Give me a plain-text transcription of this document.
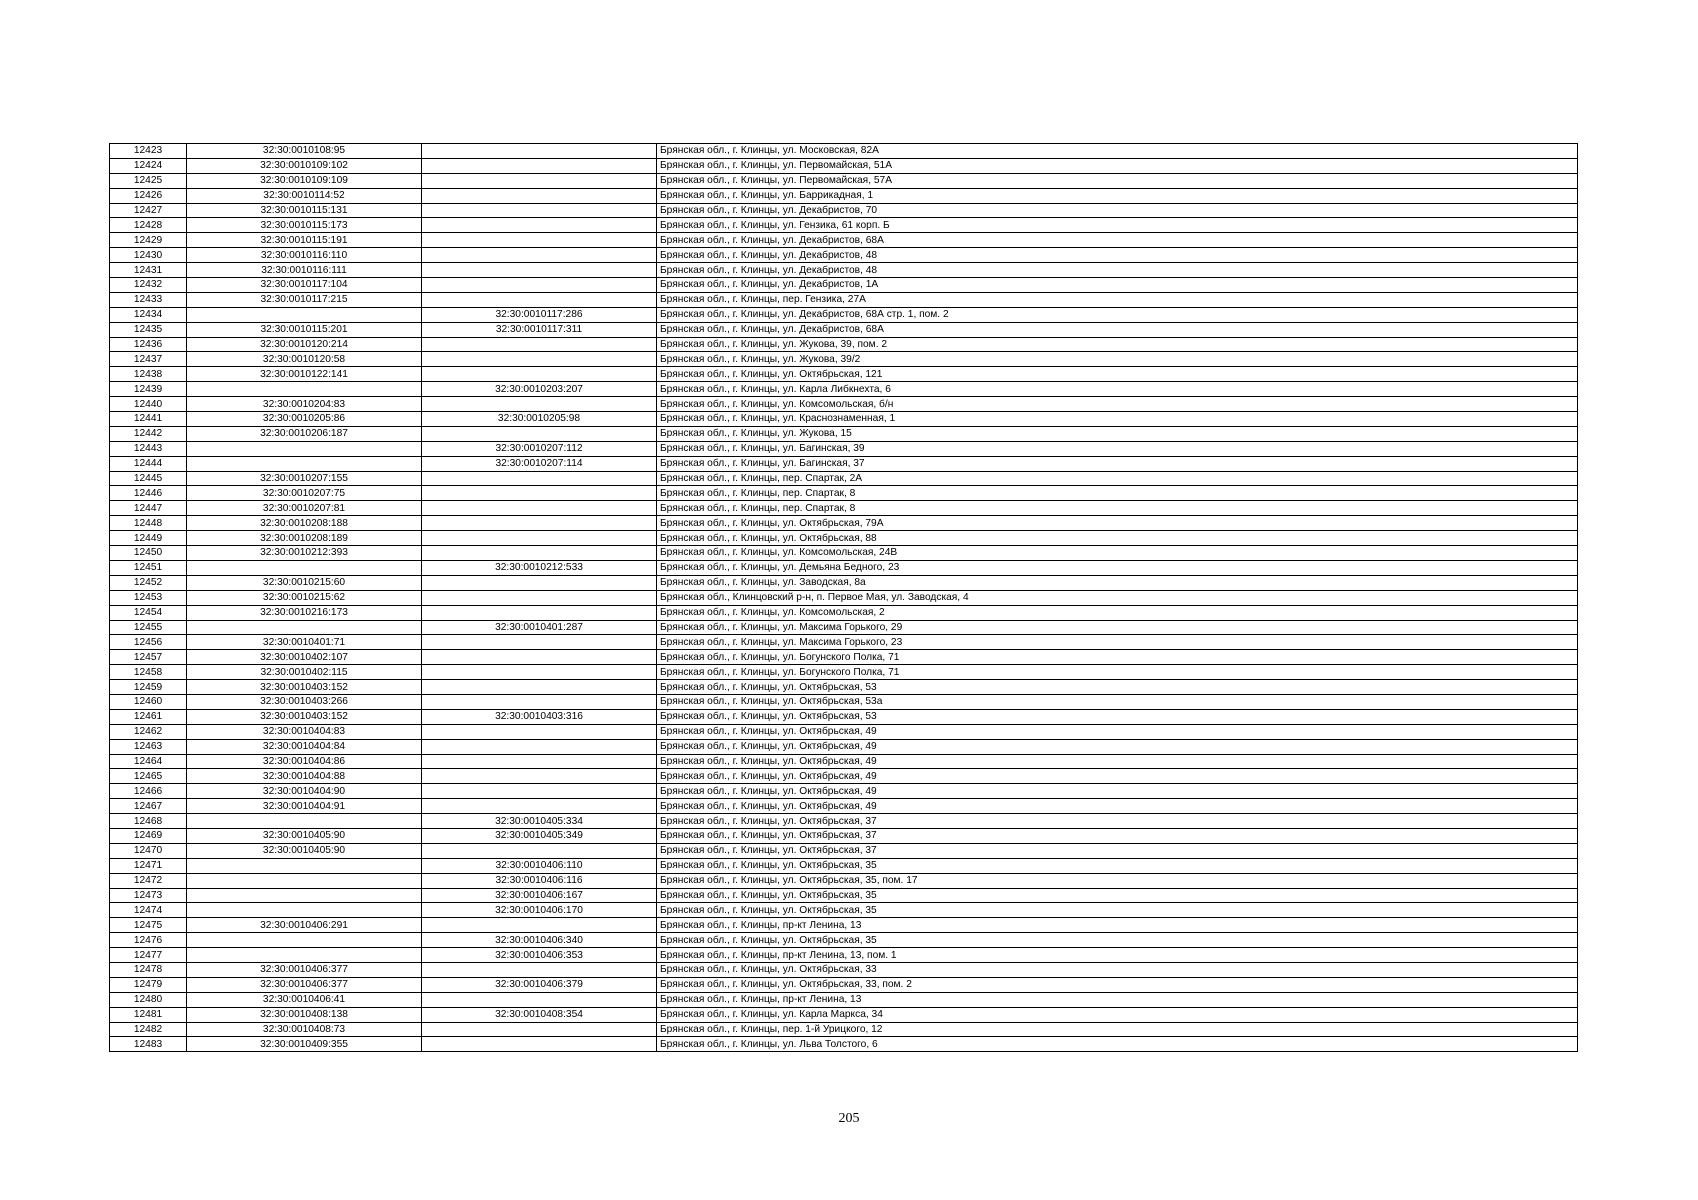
12423	32:30:0010108:95		Брянская обл., г. Клинцы, ул. Московская, 82А
12424	32:30:0010109:102		Брянская обл., г. Клинцы, ул. Первомайская, 51А
12425	32:30:0010109:109		Брянская обл., г. Клинцы, ул. Первомайская, 57А
12426	32:30:0010114:52		Брянская обл., г. Клинцы, ул. Баррикадная, 1
12427	32:30:0010115:131		Брянская обл., г. Клинцы, ул. Декабристов, 70
12428	32:30:0010115:173		Брянская обл., г. Клинцы, ул. Гензика, 61 корп. Б
12429	32:30:0010115:191		Брянская обл., г. Клинцы, ул. Декабристов, 68А
12430	32:30:0010116:110		Брянская обл., г. Клинцы, ул. Декабристов, 48
12431	32:30:0010116:111		Брянская обл., г. Клинцы, ул. Декабристов, 48
12432	32:30:0010117:104		Брянская обл., г. Клинцы, ул. Декабристов, 1А
12433	32:30:0010117:215		Брянская обл., г. Клинцы, пер. Гензика, 27А
12434		32:30:0010117:286	Брянская обл., г. Клинцы, ул. Декабристов, 68А стр. 1, пом. 2
12435	32:30:0010115:201	32:30:0010117:311	Брянская обл., г. Клинцы, ул. Декабристов, 68А
12436	32:30:0010120:214		Брянская обл., г. Клинцы, ул. Жукова, 39, пом. 2
12437	32:30:0010120:58		Брянская обл., г. Клинцы, ул. Жукова, 39/2
12438	32:30:0010122:141		Брянская обл., г. Клинцы, ул. Октябрьская, 121
12439		32:30:0010203:207	Брянская обл., г. Клинцы, ул. Карла Либкнехта, 6
12440	32:30:0010204:83		Брянская обл., г. Клинцы, ул. Комсомольская, б/н
12441	32:30:0010205:86	32:30:0010205:98	Брянская обл., г. Клинцы, ул. Краснознаменная, 1
12442	32:30:0010206:187		Брянская обл., г. Клинцы, ул. Жукова, 15
12443		32:30:0010207:112	Брянская обл., г. Клинцы, ул. Багинская, 39
12444		32:30:0010207:114	Брянская обл., г. Клинцы, ул. Багинская, 37
12445	32:30:0010207:155		Брянская обл., г. Клинцы, пер. Спартак, 2А
12446	32:30:0010207:75		Брянская обл., г. Клинцы, пер. Спартак, 8
12447	32:30:0010207:81		Брянская обл., г. Клинцы, пер. Спартак, 8
12448	32:30:0010208:188		Брянская обл., г. Клинцы, ул. Октябрьская, 79А
12449	32:30:0010208:189		Брянская обл., г. Клинцы, ул. Октябрьская, 88
12450	32:30:0010212:393		Брянская обл., г. Клинцы, ул. Комсомольская, 24В
12451		32:30:0010212:533	Брянская обл., г. Клинцы, ул. Демьяна Бедного, 23
12452	32:30:0010215:60		Брянская обл., г. Клинцы, ул. Заводская, 8а
12453	32:30:0010215:62		Брянская обл., Клинцовский р-н, п. Первое Мая, ул. Заводская, 4
12454	32:30:0010216:173		Брянская обл., г. Клинцы, ул. Комсомольская, 2
12455		32:30:0010401:287	Брянская обл., г. Клинцы, ул. Максима Горького, 29
12456	32:30:0010401:71		Брянская обл., г. Клинцы, ул. Максима Горького, 23
12457	32:30:0010402:107		Брянская обл., г. Клинцы, ул. Богунского Полка, 71
12458	32:30:0010402:115		Брянская обл., г. Клинцы, ул. Богунского Полка, 71
12459	32:30:0010403:152		Брянская обл., г. Клинцы, ул. Октябрьская, 53
12460	32:30:0010403:266		Брянская обл., г. Клинцы, ул. Октябрьская, 53а
12461	32:30:0010403:152	32:30:0010403:316	Брянская обл., г. Клинцы, ул. Октябрьская, 53
12462	32:30:0010404:83		Брянская обл., г. Клинцы, ул. Октябрьская, 49
12463	32:30:0010404:84		Брянская обл., г. Клинцы, ул. Октябрьская, 49
12464	32:30:0010404:86		Брянская обл., г. Клинцы, ул. Октябрьская, 49
12465	32:30:0010404:88		Брянская обл., г. Клинцы, ул. Октябрьская, 49
12466	32:30:0010404:90		Брянская обл., г. Клинцы, ул. Октябрьская, 49
12467	32:30:0010404:91		Брянская обл., г. Клинцы, ул. Октябрьская, 49
12468		32:30:0010405:334	Брянская обл., г. Клинцы, ул. Октябрьская, 37
12469	32:30:0010405:90	32:30:0010405:349	Брянская обл., г. Клинцы, ул. Октябрьская, 37
12470	32:30:0010405:90		Брянская обл., г. Клинцы, ул. Октябрьская, 37
12471		32:30:0010406:110	Брянская обл., г. Клинцы, ул. Октябрьская, 35
12472		32:30:0010406:116	Брянская обл., г. Клинцы, ул. Октябрьская, 35, пом. 17
12473		32:30:0010406:167	Брянская обл., г. Клинцы, ул. Октябрьская, 35
12474		32:30:0010406:170	Брянская обл., г. Клинцы, ул. Октябрьская, 35
12475	32:30:0010406:291		Брянская обл., г. Клинцы, пр-кт Ленина, 13
12476		32:30:0010406:340	Брянская обл., г. Клинцы, ул. Октябрьская, 35
12477		32:30:0010406:353	Брянская обл., г. Клинцы, пр-кт Ленина, 13, пом. 1
12478	32:30:0010406:377		Брянская обл., г. Клинцы, ул. Октябрьская, 33
12479	32:30:0010406:377	32:30:0010406:379	Брянская обл., г. Клинцы, ул. Октябрьская, 33, пом. 2
12480	32:30:0010406:41		Брянская обл., г. Клинцы, пр-кт Ленина, 13
12481	32:30:0010408:138	32:30:0010408:354	Брянская обл., г. Клинцы, ул. Карла Маркса, 34
12482	32:30:0010408:73		Брянская обл., г. Клинцы, пер. 1-й Урицкого, 12
12483	32:30:0010409:355		Брянская обл., г. Клинцы, ул. Льва Толстого, 6
205
